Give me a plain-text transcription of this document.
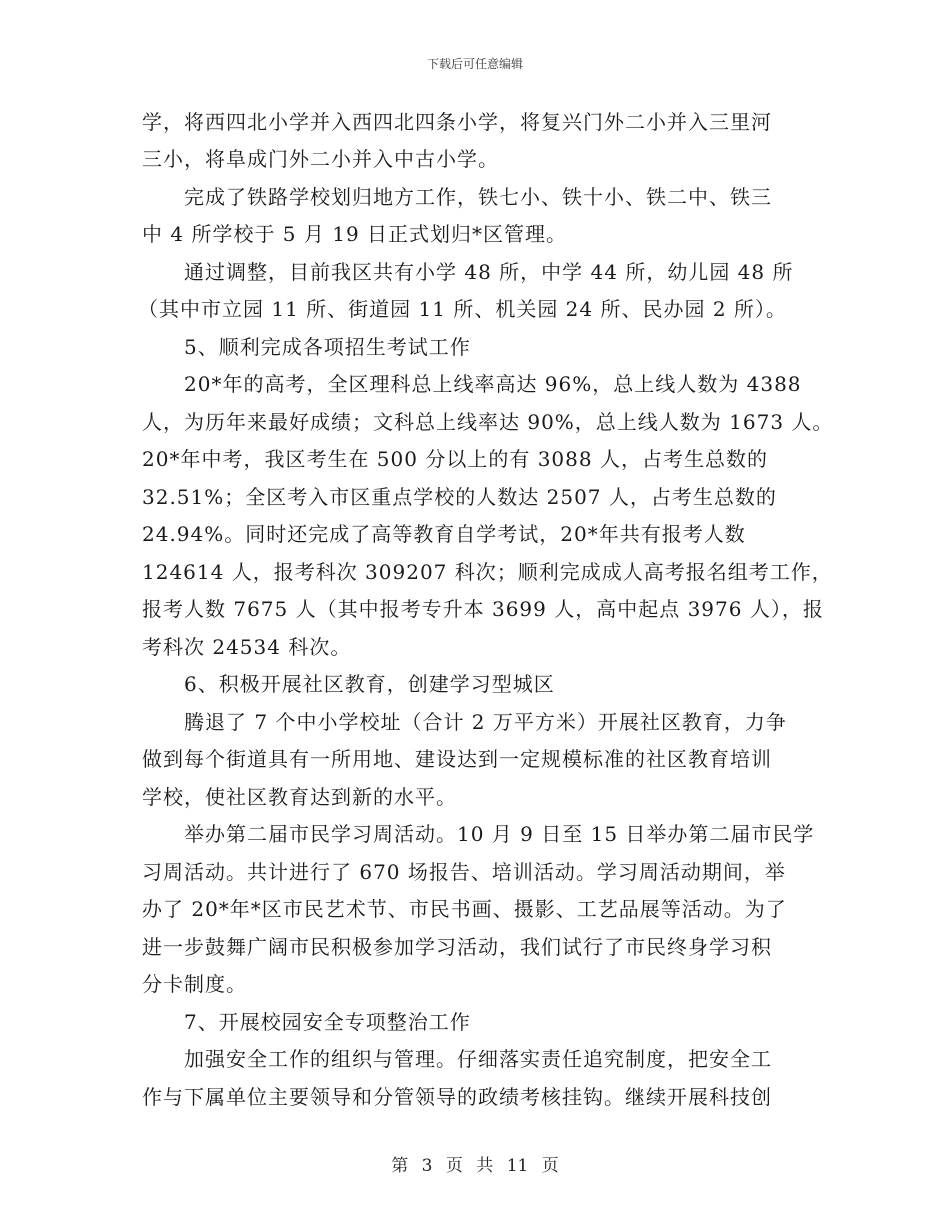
下载后可任意编辑
学，将西四北小学并入西四北四条小学，将复兴门外二小并入三里河
三小，将阜成门外二小并入中古小学。
完成了铁路学校划归地方工作，铁七小、铁十小、铁二中、铁三
中 4 所学校于 5 月 19 日正式划归*区管理。
通过调整，目前我区共有小学 48 所，中学 44 所，幼儿园 48 所
（其中市立园 11 所、街道园 11 所、机关园 24 所、民办园 2 所）。
5、顺利完成各项招生考试工作
20*年的高考，全区理科总上线率高达 96%，总上线人数为 4388
人，为历年来最好成绩；文科总上线率达 90%，总上线人数为 1673 人。
20*年中考，我区考生在 500 分以上的有 3088 人，占考生总数的
32.51%；全区考入市区重点学校的人数达 2507 人，占考生总数的
24.94%。同时还完成了高等教育自学考试，20*年共有报考人数
124614 人，报考科次 309207 科次；顺利完成成人高考报名组考工作，
报考人数 7675 人（其中报考专升本 3699 人，高中起点 3976 人），报
考科次 24534 科次。
6、积极开展社区教育，创建学习型城区
腾退了 7 个中小学校址（合计 2 万平方米）开展社区教育，力争
做到每个街道具有一所用地、建设达到一定规模标准的社区教育培训
学校，使社区教育达到新的水平。
举办第二届市民学习周活动。10 月 9 日至 15 日举办第二届市民学
习周活动。共计进行了 670 场报告、培训活动。学习周活动期间，举
办了 20*年*区市民艺术节、市民书画、摄影、工艺品展等活动。为了
进一步鼓舞广阔市民积极参加学习活动，我们试行了市民终身学习积
分卡制度。
7、开展校园安全专项整治工作
加强安全工作的组织与管理。仔细落实责任追究制度，把安全工
作与下属单位主要领导和分管领导的政绩考核挂钩。继续开展科技创
第 3 页 共 11 页
